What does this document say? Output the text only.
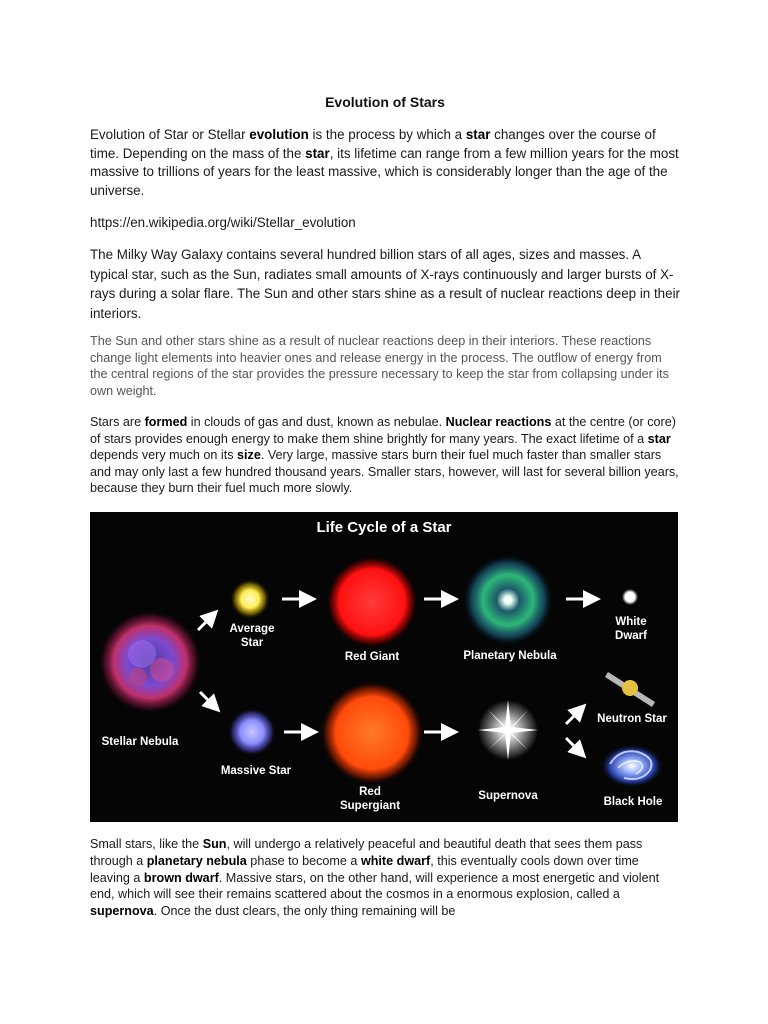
Evolution of Stars

Evolution of Star or Stellar evolution is the process by which a star changes over the course of time. Depending on the mass of the star, its lifetime can range from a few million years for the most massive to trillions of years for the least massive, which is considerably longer than the age of the universe.

https://en.wikipedia.org/wiki/Stellar_evolution

The Milky Way Galaxy contains several hundred billion stars of all ages, sizes and masses. A typical star, such as the Sun, radiates small amounts of X-rays continuously and larger bursts of X-rays during a solar flare. The Sun and other stars shine as a result of nuclear reactions deep in their interiors.

The Sun and other stars shine as a result of nuclear reactions deep in their interiors. These reactions change light elements into heavier ones and release energy in the process. The outflow of energy from the central regions of the star provides the pressure necessary to keep the star from collapsing under its own weight.

Stars are formed in clouds of gas and dust, known as nebulae. Nuclear reactions at the centre (or core) of stars provides enough energy to make them shine brightly for many years. The exact lifetime of a star depends very much on its size. Very large, massive stars burn their fuel much faster than smaller stars and may only last a few hundred thousand years. Smaller stars, however, will last for several billion years, because they burn their fuel much more slowly.

Small stars, like the Sun, will undergo a relatively peaceful and beautiful death that sees them pass through a planetary nebula phase to become a white dwarf, this eventually cools down over time leaving a brown dwarf. Massive stars, on the other hand, will experience a most energetic and violent end, which will see their remains scattered about the cosmos in a enormous explosion, called a supernova. Once the dust clears, the only thing remaining will be

Life Cycle of a Star
Stellar Nebula
Average
Star
Red Giant	Planetary Nebula
White
Dwarf
Massive Star
Red
Supergiant
Supernova
Neutron Star
Black Hole
